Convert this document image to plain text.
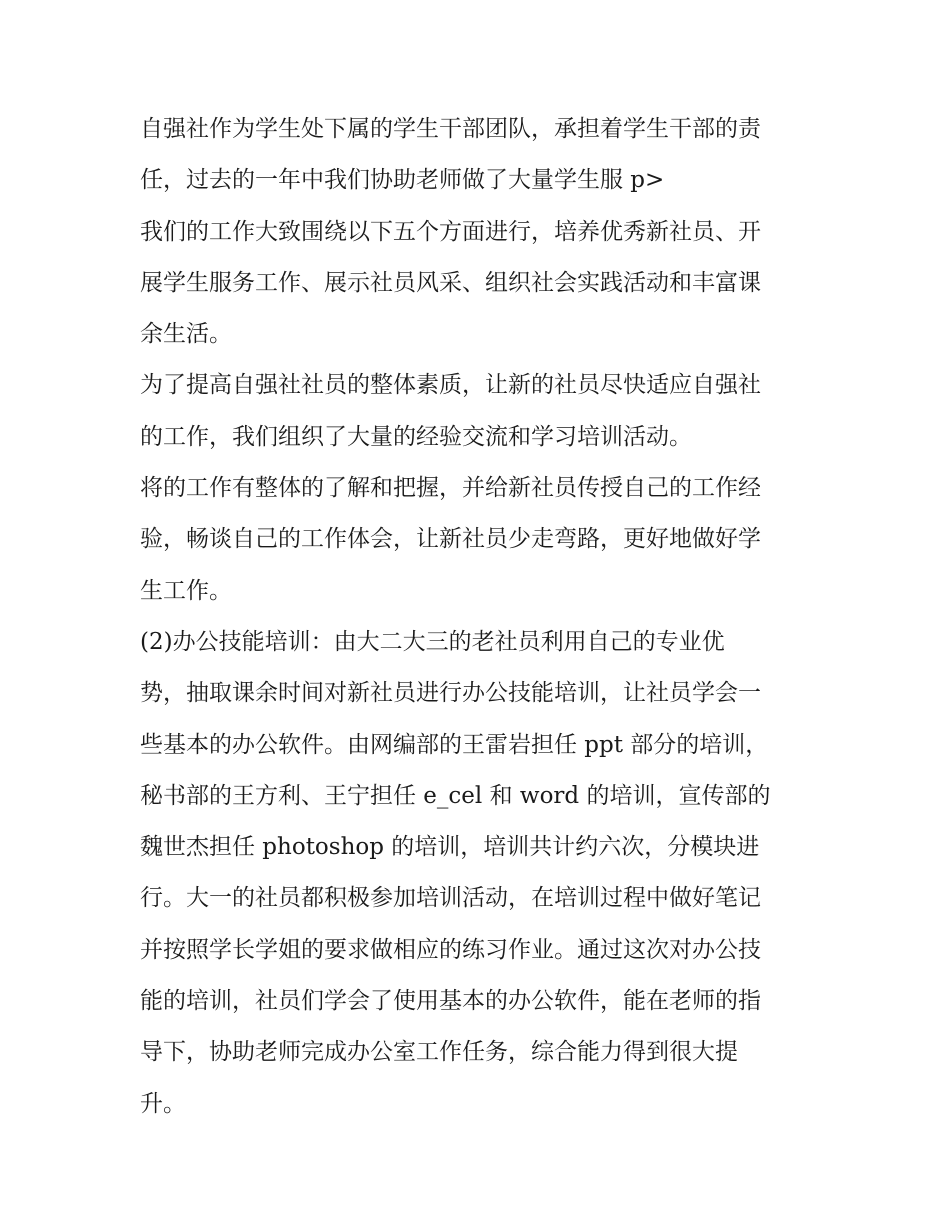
自强社作为学生处下属的学生干部团队，承担着学生干部的责
任，过去的一年中我们协助老师做了大量学生服 p>
我们的工作大致围绕以下五个方面进行，培养优秀新社员、开
展学生服务工作、展示社员风采、组织社会实践活动和丰富课
余生活。
为了提高自强社社员的整体素质，让新的社员尽快适应自强社
的工作，我们组织了大量的经验交流和学习培训活动。
将的工作有整体的了解和把握，并给新社员传授自己的工作经
验，畅谈自己的工作体会，让新社员少走弯路，更好地做好学
生工作。
(2)办公技能培训：由大二大三的老社员利用自己的专业优
势，抽取课余时间对新社员进行办公技能培训，让社员学会一
些基本的办公软件。由网编部的王雷岩担任 ppt 部分的培训，
秘书部的王方利、王宁担任 e_cel 和 word 的培训，宣传部的
魏世杰担任 photoshop 的培训，培训共计约六次，分模块进
行。大一的社员都积极参加培训活动，在培训过程中做好笔记
并按照学长学姐的要求做相应的练习作业。通过这次对办公技
能的培训，社员们学会了使用基本的办公软件，能在老师的指
导下，协助老师完成办公室工作任务，综合能力得到很大提
升。
